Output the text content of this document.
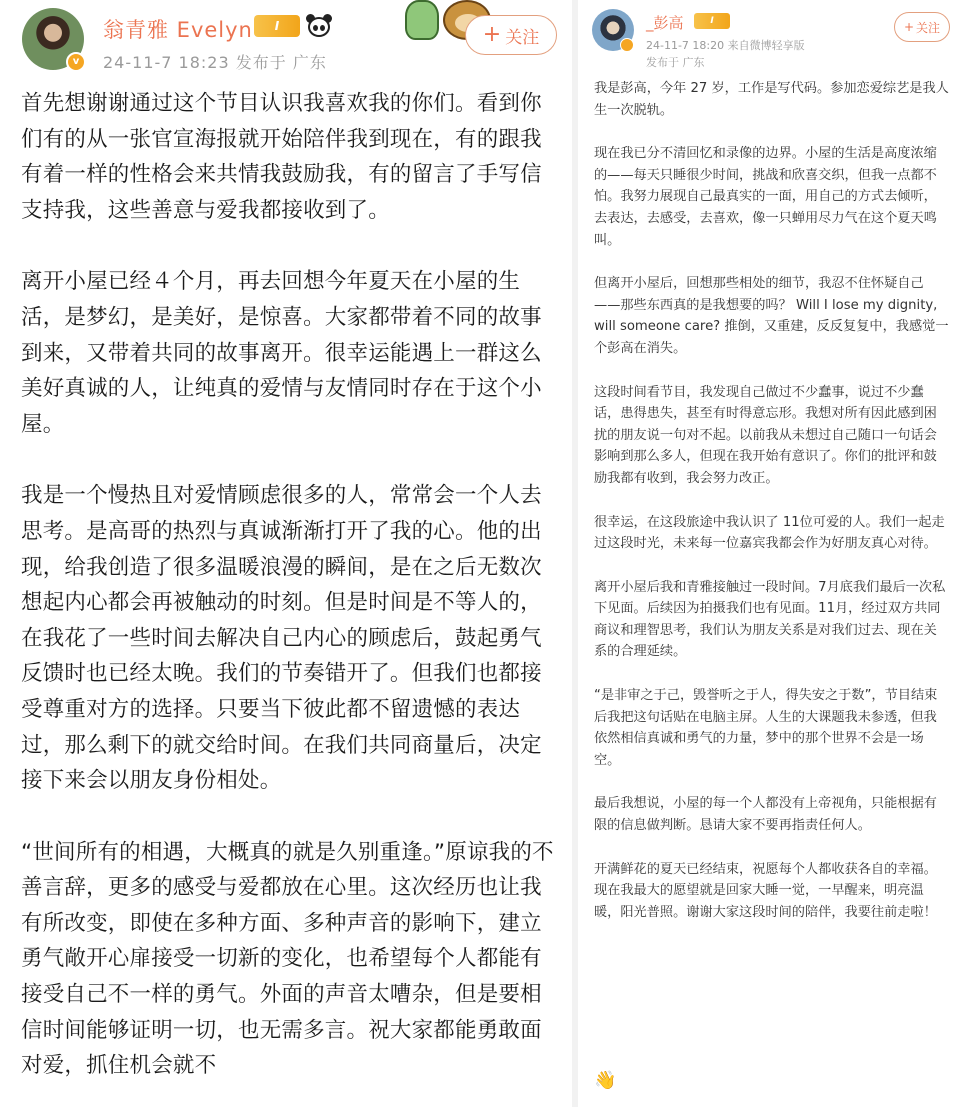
v
翁青雅 Evelyn	I
24-11-7 18:23 发布于 广东
+ 关注

首先想谢谢通过这个节目认识我喜欢我的你们。看到你们有的从一张官宣海报就开始陪伴我到现在，有的跟我有着一样的性格会来共情我鼓励我，有的留言了手写信支持我，这些善意与爱我都接收到了。

离开小屋已经４个月，再去回想今年夏天在小屋的生活，是梦幻，是美好，是惊喜。大家都带着不同的故事到来，又带着共同的故事离开。很幸运能遇上一群这么美好真诚的人，让纯真的爱情与友情同时存在于这个小屋。

我是一个慢热且对爱情顾虑很多的人，常常会一个人去思考。是高哥的热烈与真诚渐渐打开了我的心。他的出现，给我创造了很多温暖浪漫的瞬间，是在之后无数次想起内心都会再被触动的时刻。但是时间是不等人的，在我花了一些时间去解决自己内心的顾虑后，鼓起勇气反馈时也已经太晚。我们的节奏错开了。但我们也都接受尊重对方的选择。只要当下彼此都不留遗憾的表达过，那么剩下的就交给时间。在我们共同商量后，决定接下来会以朋友身份相处。

“世间所有的相遇，大概真的就是久别重逢。”原谅我的不善言辞，更多的感受与爱都放在心里。这次经历也让我有所改变，即使在多种方面、多种声音的影响下，建立勇气敞开心扉接受一切新的变化，也希望每个人都能有接受自己不一样的勇气。外面的声音太嘈杂，但是要相信时间能够证明一切，也无需多言。祝大家都能勇敢面对爱，抓住机会就不

_彭高	I
24-11-7 18:20 来自微博轻享版
发布于 广东
+ 关注

我是彭高，今年 27 岁，工作是写代码。参加恋爱综艺是我人生一次脱轨。

现在我已分不清回忆和录像的边界。小屋的生活是高度浓缩的——每天只睡很少时间，挑战和欣喜交织，但我一点都不怕。我努力展现自己最真实的一面，用自己的方式去倾听，去表达，去感受，去喜欢，像一只蝉用尽力气在这个夏天鸣叫。

但离开小屋后，回想那些相处的细节，我忍不住怀疑自己——那些东西真的是我想要的吗？ Will I lose my dignity, will someone care? 推倒，又重建，反反复复中，我感觉一个彭高在消失。

这段时间看节目，我发现自己做过不少蠢事，说过不少蠢话，患得患失，甚至有时得意忘形。我想对所有因此感到困扰的朋友说一句对不起。以前我从未想过自己随口一句话会影响到那么多人，但现在我开始有意识了。你们的批评和鼓励我都有收到，我会努力改正。

很幸运，在这段旅途中我认识了 11位可爱的人。我们一起走过这段时光，未来每一位嘉宾我都会作为好朋友真心对待。

离开小屋后我和青雅接触过一段时间。7月底我们最后一次私下见面。后续因为拍摄我们也有见面。11月，经过双方共同商议和理智思考，我们认为朋友关系是对我们过去、现在关系的合理延续。

“是非审之于己，毁誉听之于人，得失安之于数”，节目结束后我把这句话贴在电脑主屏。人生的大课题我未参透，但我依然相信真诚和勇气的力量，梦中的那个世界不会是一场空。

最后我想说，小屋的每一个人都没有上帝视角，只能根据有限的信息做判断。恳请大家不要再指责任何人。

开满鲜花的夏天已经结束，祝愿每个人都收获各自的幸福。现在我最大的愿望就是回家大睡一觉，一早醒来，明亮温暖，阳光普照。谢谢大家这段时间的陪伴，我要往前走啦！

👋
